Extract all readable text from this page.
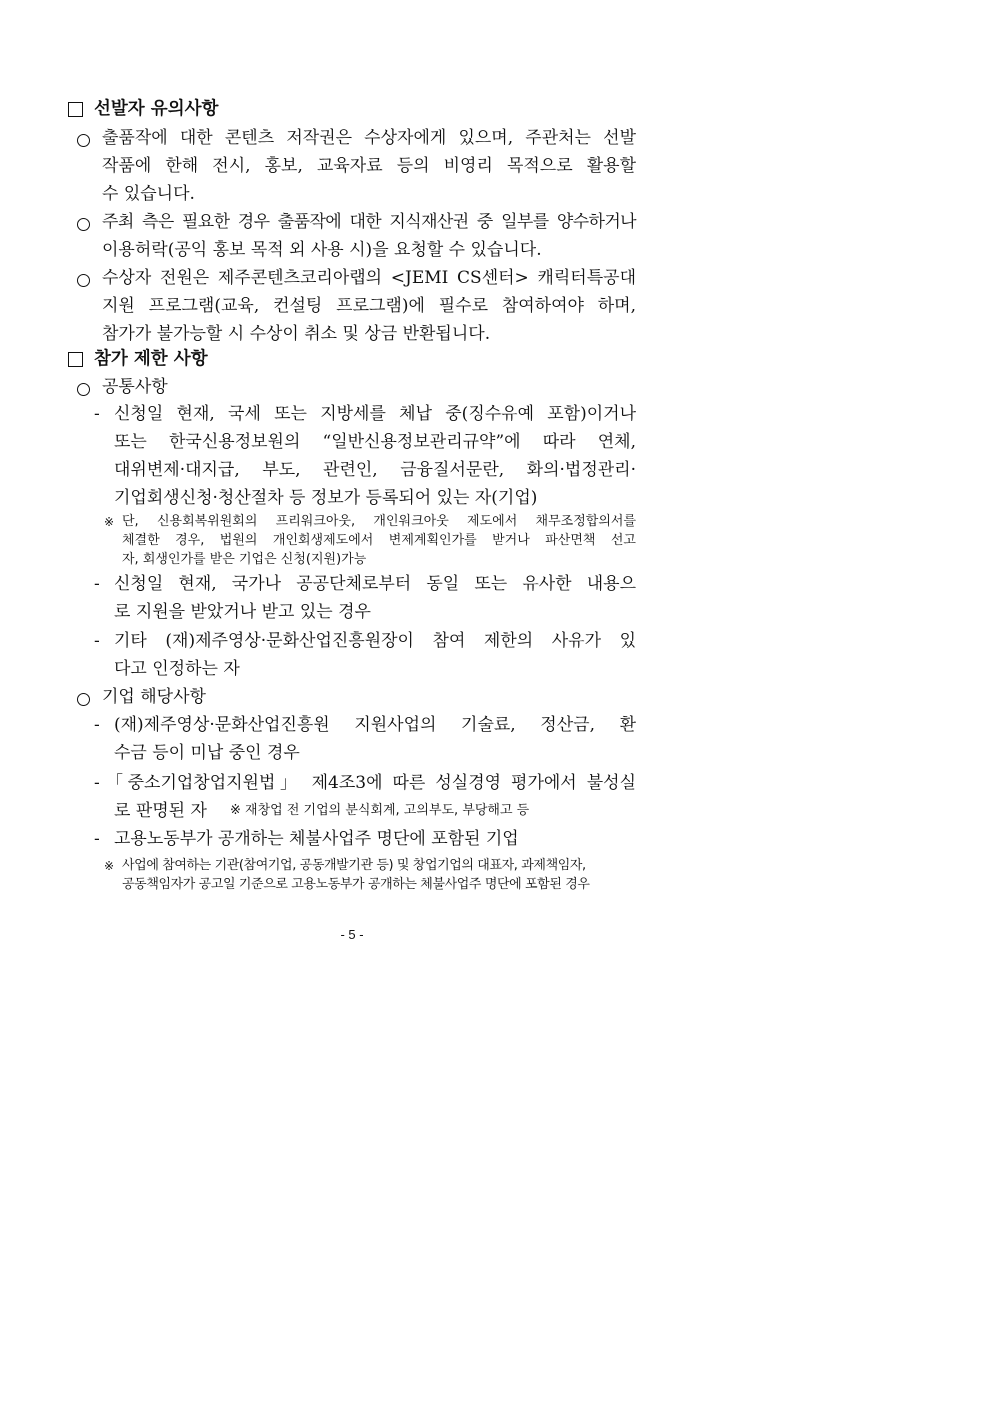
선발자 유의사항
출품작에 대한 콘텐츠 저작권은 수상자에게 있으며, 주관처는 선발
작품에 한해 전시, 홍보, 교육자료 등의 비영리 목적으로 활용할
수 있습니다.
주최 측은 필요한 경우 출품작에 대한 지식재산권 중 일부를 양수하거나
이용허락(공익 홍보 목적 외 사용 시)을 요청할 수 있습니다.
수상자 전원은 제주콘텐츠코리아랩의 <JEMI CS센터> 캐릭터특공대
지원 프로그램(교육, 컨설팅 프로그램)에 필수로 참여하여야 하며,
참가가 불가능할 시 수상이 취소 및 상금 반환됩니다.
참가 제한 사항
공통사항
- 신청일 현재, 국세 또는 지방세를 체납 중(징수유예 포함)이거나
또는 한국신용정보원의 “일반신용정보관리규약”에 따라 연체,
대위변제·대지급, 부도, 관련인, 금융질서문란, 화의·법정관리·
기업회생신청·청산절차 등 정보가 등록되어 있는 자(기업)
※ 단, 신용회복위원회의 프리워크아웃, 개인워크아웃 제도에서 채무조정합의서를
체결한 경우, 법원의 개인회생제도에서 변제계획인가를 받거나 파산면책 선고
자, 회생인가를 받은 기업은 신청(지원)가능
- 신청일 현재, 국가나 공공단체로부터 동일 또는 유사한 내용으
로 지원을 받았거나 받고 있는 경우
- 기타 (재)제주영상·문화산업진흥원장이 참여 제한의 사유가 있
다고 인정하는 자
기업 해당사항
- (재)제주영상·문화산업진흥원 지원사업의 기술료, 정산금, 환
수금 등이 미납 중인 경우
- 「중소기업창업지원법」 제4조3에 따른 성실경영 평가에서 불성실
로 판명된 자 ※ 재창업 전 기업의 분식회계, 고의부도, 부당해고 등
- 고용노동부가 공개하는 체불사업주 명단에 포함된 기업
※ 사업에 참여하는 기관(참여기업, 공동개발기관 등) 및 창업기업의 대표자, 과제책임자,
공동책임자가 공고일 기준으로 고용노동부가 공개하는 체불사업주 명단에 포함된 경우
- 5 -
